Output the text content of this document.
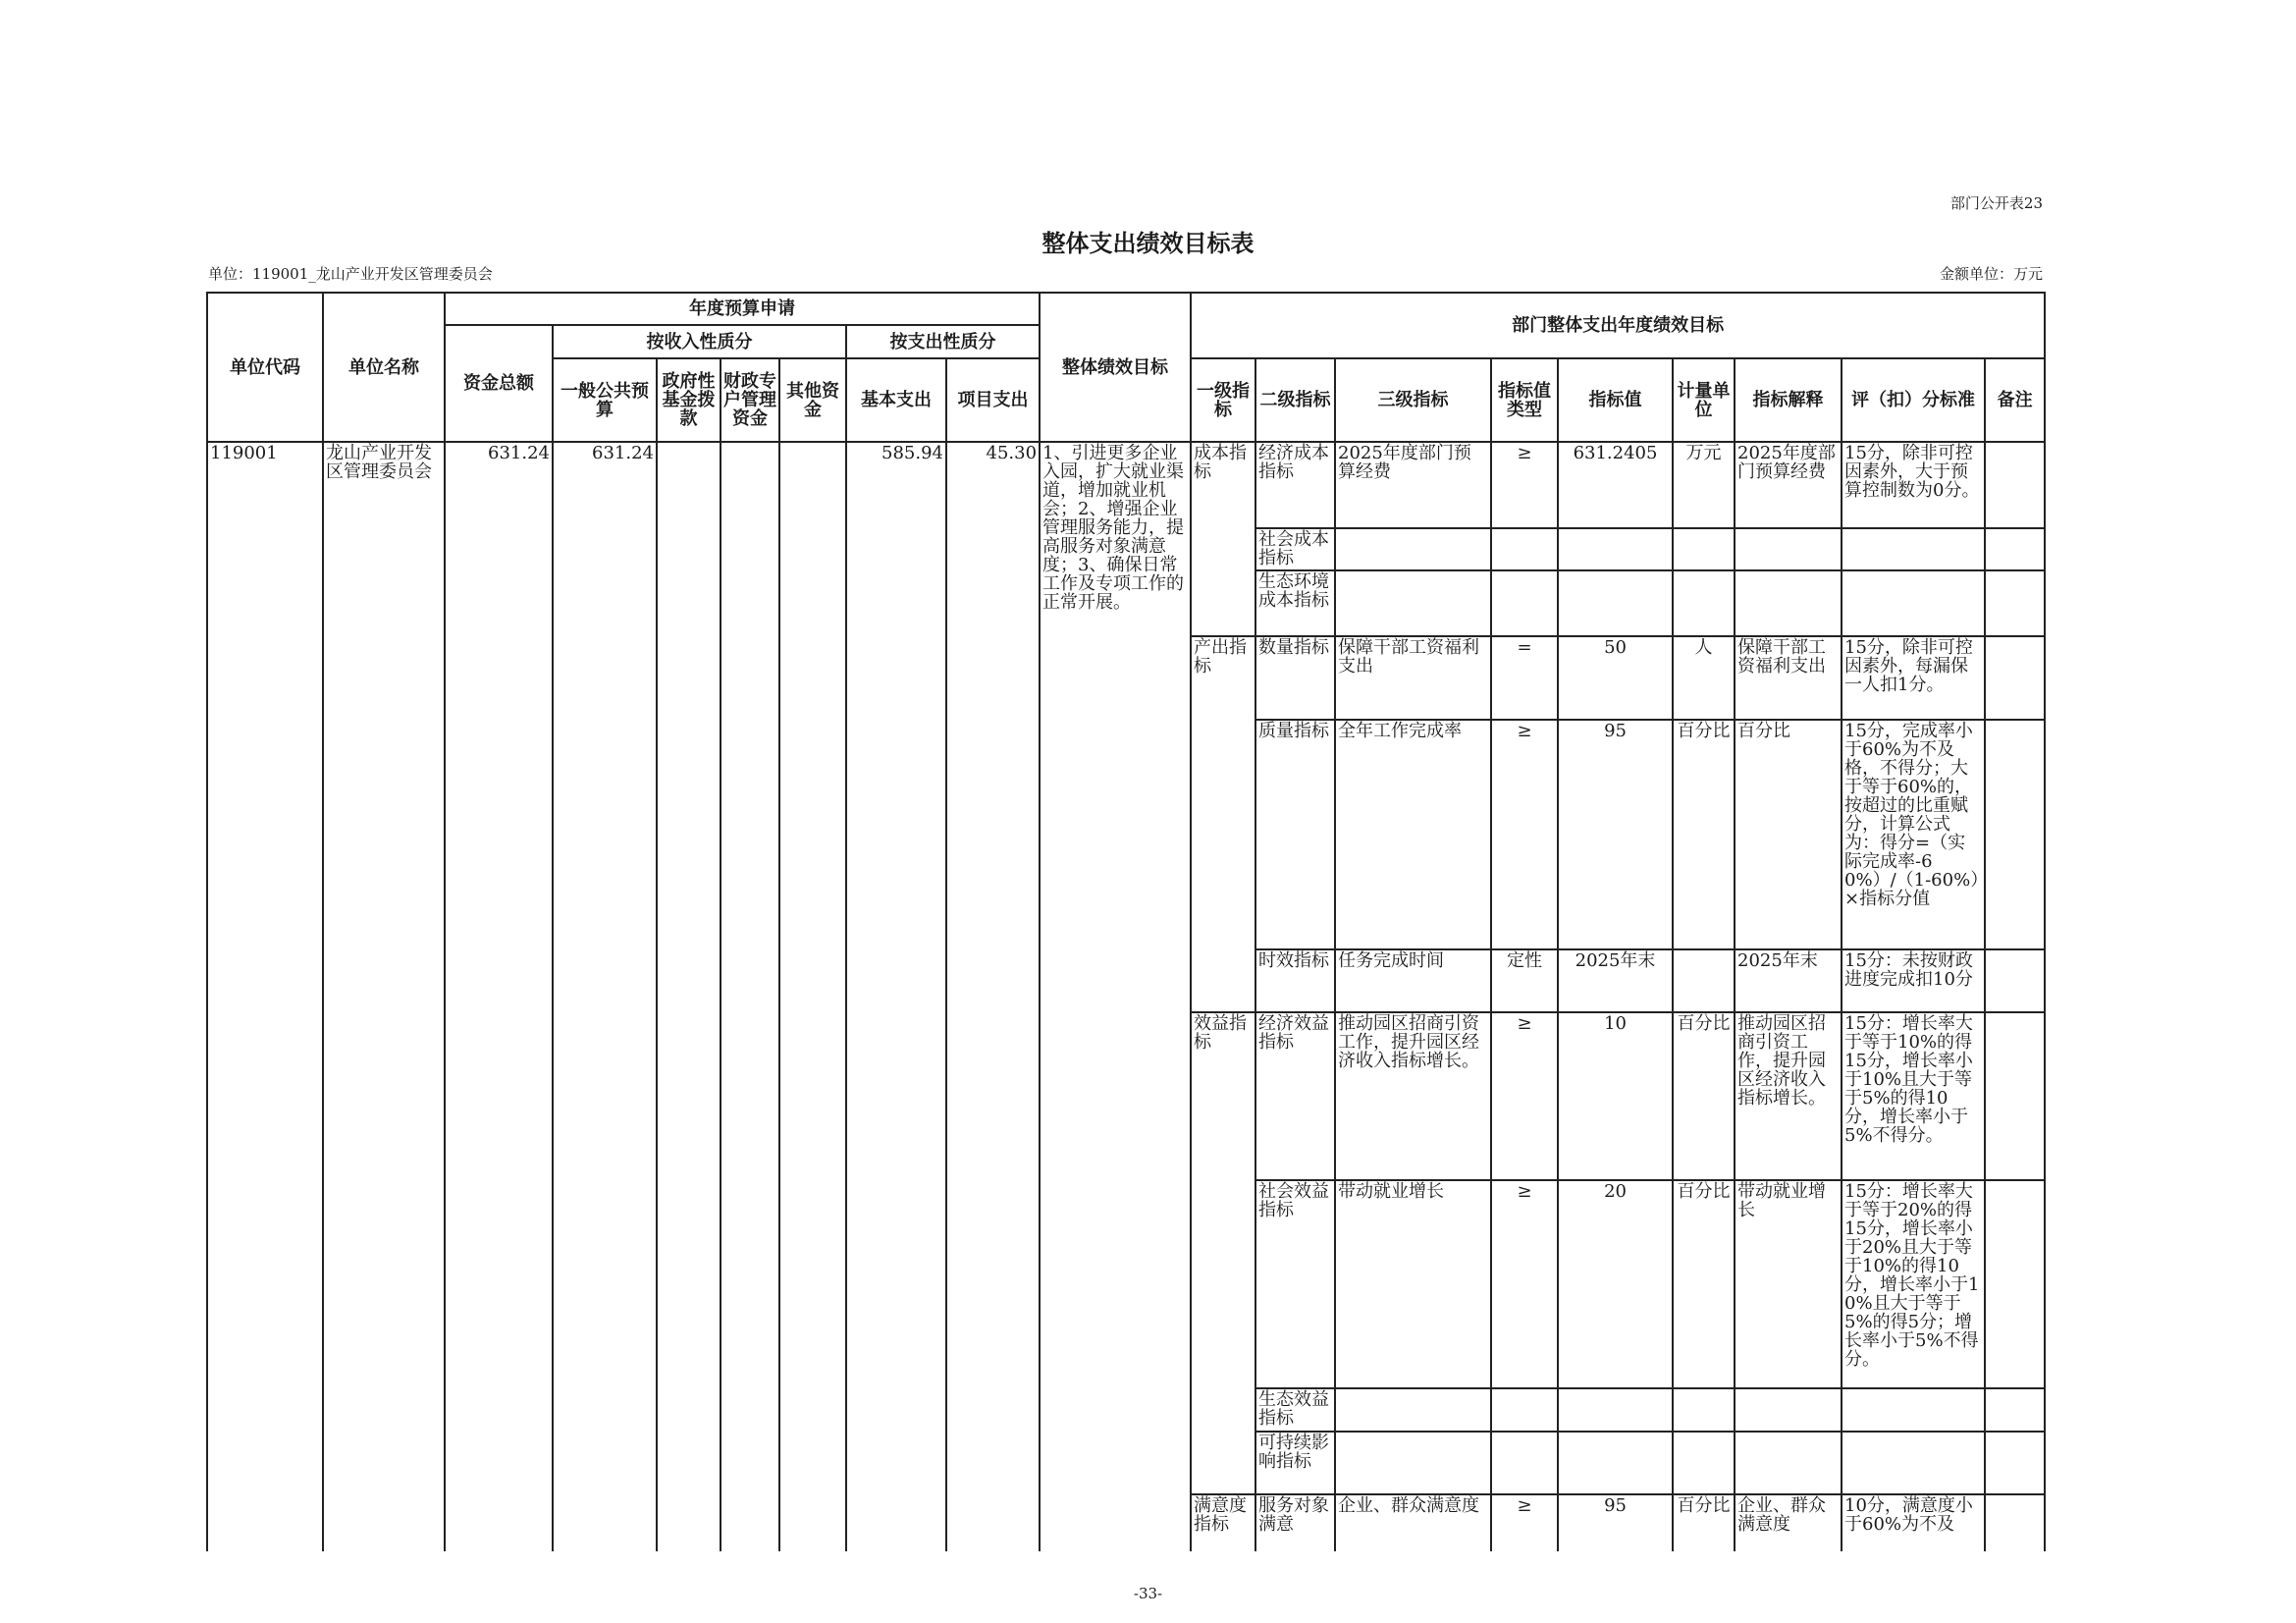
部门公开表23
整体支出绩效目标表
单位：119001_龙山产业开发区管理委员会	金额单位：万元
单位代码	单位名称	年度预算申请							整体绩效目标	部门整体支出年度绩效目标								
		资金总额	按收入性质分				按支出性质分											
			一般公共预算	政府性基金拨款	财政专户管理资金	其他资金	基本支出	项目支出		一级指标	二级指标	三级指标	指标值类型	指标值	计量单位	指标解释	评（扣）分标准	备注
119001	龙山产业开发区管理委员会	631.24	631.24				585.94	45.30	1、引进更多企业入园，扩大就业渠道，增加就业机会；2、增强企业管理服务能力，提高服务对象满意度；3、确保日常工作及专项工作的正常开展。	成本指标	经济成本指标	2025年度部门预算经费	≥	631.2405	万元	2025年度部门预算经费	15分，除非可控因素外，大于预算控制数为0分。	
											社会成本指标							
											生态环境成本指标							
										产出指标	数量指标	保障干部工资福利支出	=	50	人	保障干部工资福利支出	15分，除非可控因素外，每漏保一人扣1分。	
											质量指标	全年工作完成率	≥	95	百分比	百分比	15分，完成率小于60%为不及格，不得分；大于等于60%的，按超过的比重赋分，计算公式为：得分=（实际完成率-60%）/（1-60%）×指标分值	
											时效指标	任务完成时间	定性	2025年末		2025年末	15分：未按财政进度完成扣10分	
										效益指标	经济效益指标	推动园区招商引资工作，提升园区经济收入指标增长。	≥	10	百分比	推动园区招商引资工作，提升园区经济收入指标增长。	15分：增长率大于等于10%的得15分，增长率小于10%且大于等于5%的得10分，增长率小于5%不得分。	
											社会效益指标	带动就业增长	≥	20	百分比	带动就业增长	15分：增长率大于等于20%的得15分，增长率小于20%且大于等于10%的得10分，增长率小于10%且大于等于5%的得5分；增长率小于5%不得分。	
											生态效益指标							
											可持续影响指标							
										满意度指标	服务对象满意	企业、群众满意度	≥	95	百分比	企业、群众满意度	10分，满意度小于60%为不及	
-33-
